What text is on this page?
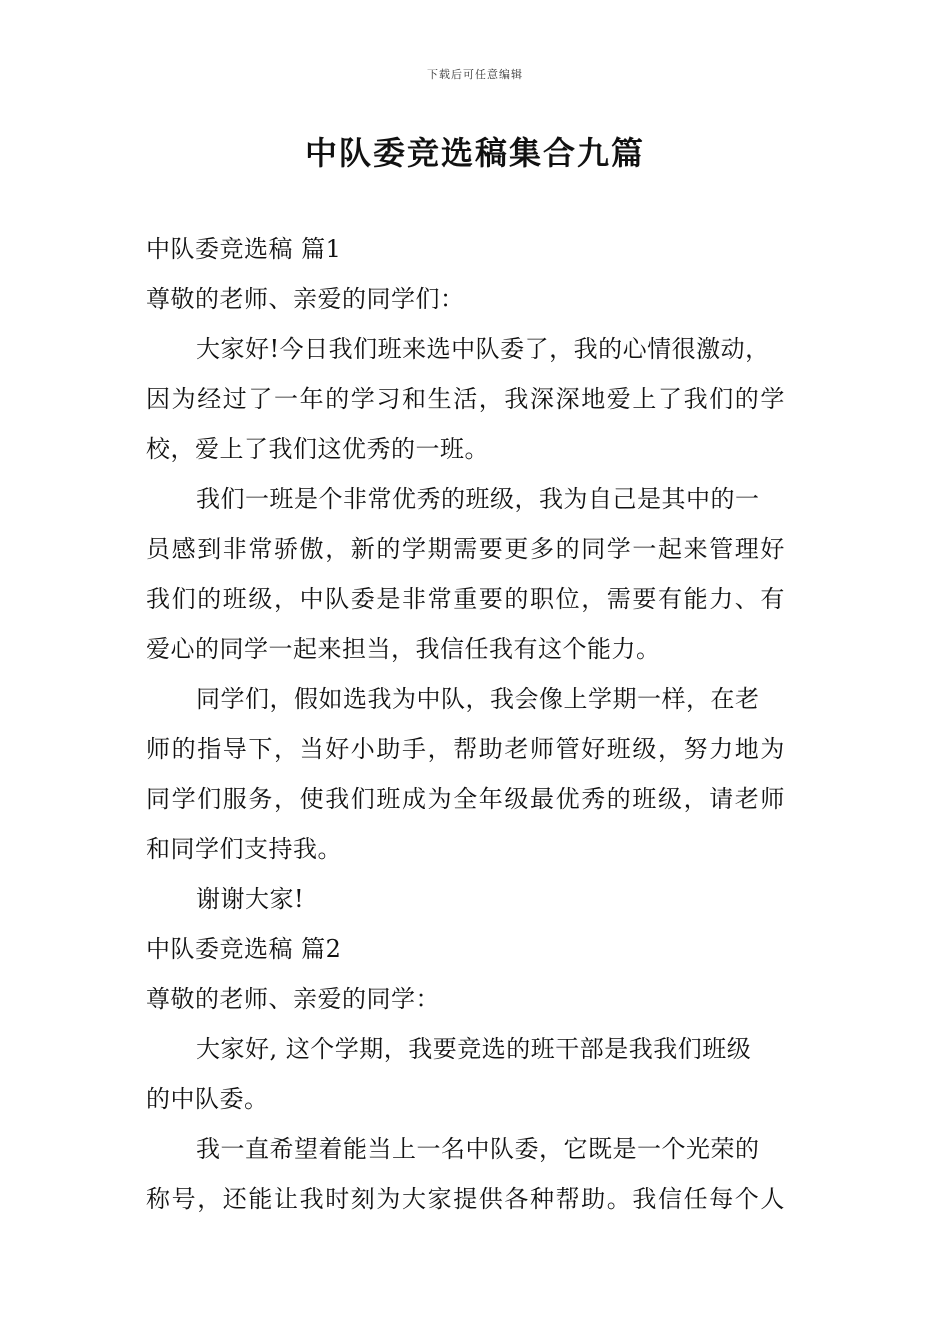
下载后可任意编辑
中队委竞选稿集合九篇
中队委竞选稿 篇1
尊敬的老师、亲爱的同学们：
大家好!今日我们班来选中队委了，我的心情很激动，
因为经过了一年的学习和生活，我深深地爱上了我们的学
校，爱上了我们这优秀的一班。
我们一班是个非常优秀的班级，我为自己是其中的一
员感到非常骄傲，新的学期需要更多的同学一起来管理好
我们的班级，中队委是非常重要的职位，需要有能力、有
爱心的同学一起来担当，我信任我有这个能力。
同学们，假如选我为中队，我会像上学期一样，在老
师的指导下，当好小助手，帮助老师管好班级，努力地为
同学们服务，使我们班成为全年级最优秀的班级，请老师
和同学们支持我。
谢谢大家!
中队委竞选稿 篇2
尊敬的老师、亲爱的同学：
大家好, 这个学期，我要竞选的班干部是我我们班级
的中队委。
我一直希望着能当上一名中队委，它既是一个光荣的
称号，还能让我时刻为大家提供各种帮助。我信任每个人
